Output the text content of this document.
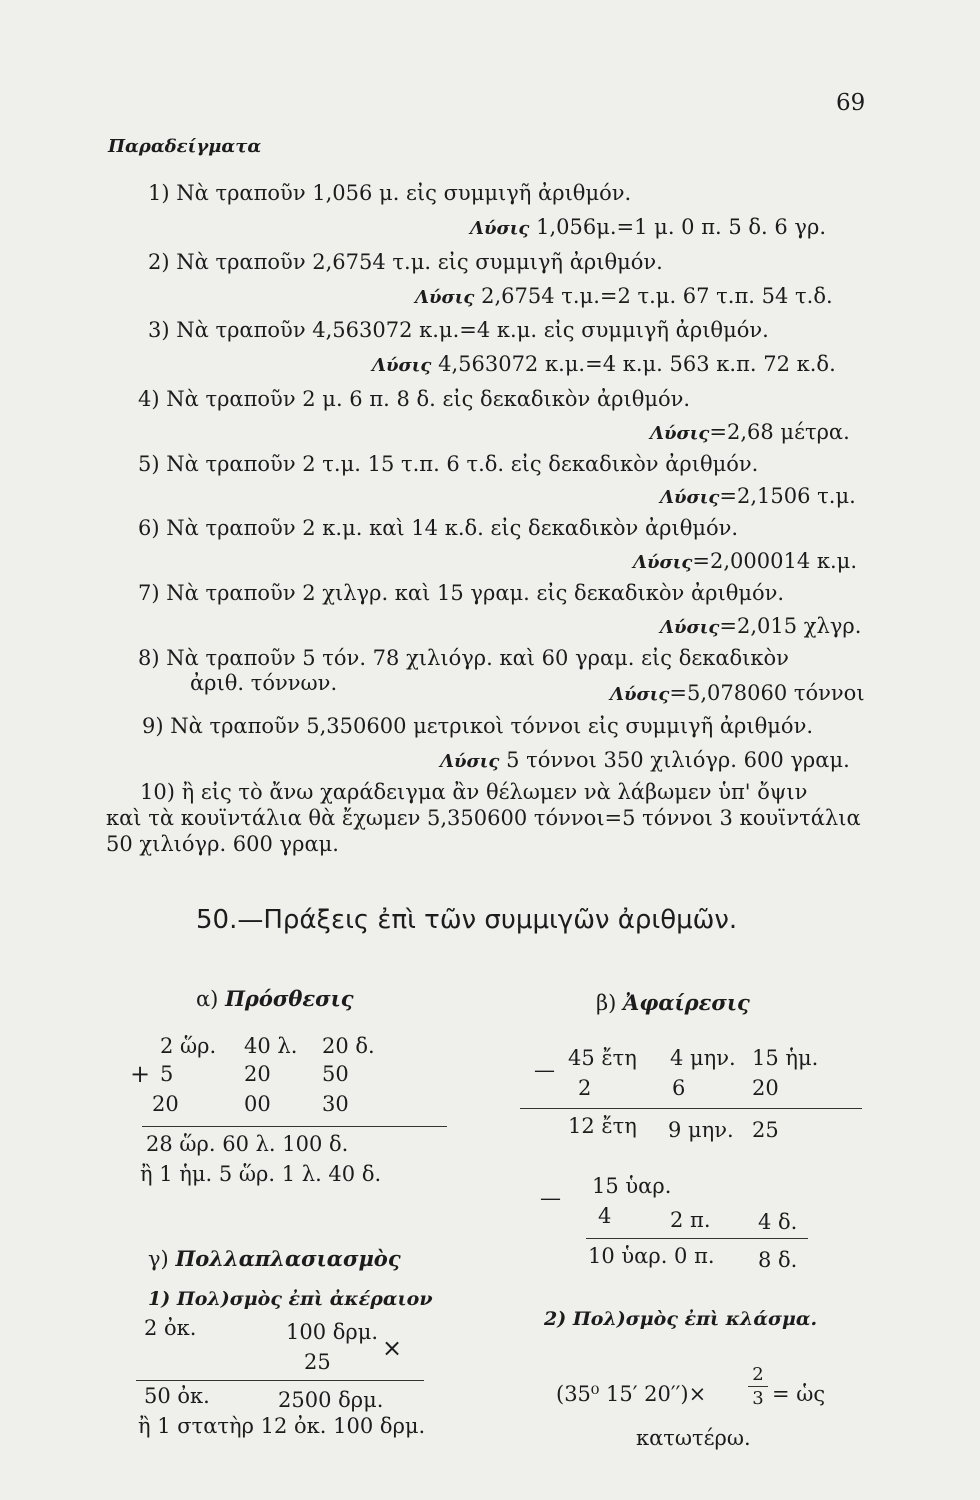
69
Παραδείγματα
1) Νὰ τραποῦν 1,056 μ. εἰς συμμιγῆ ἀριθμόν.
Λύσις 1,056μ.=1 μ. 0 π. 5 δ. 6 γρ.
2) Νὰ τραποῦν 2,6754 τ.μ. εἰς συμμιγῆ ἀριθμόν.
Λύσις 2,6754 τ.μ.=2 τ.μ. 67 τ.π. 54 τ.δ.
3) Νὰ τραποῦν 4,563072 κ.μ.=4 κ.μ. εἰς συμμιγῆ ἀριθμόν.
Λύσις 4,563072 κ.μ.=4 κ.μ. 563 κ.π. 72 κ.δ.
4) Νὰ τραποῦν 2 μ. 6 π. 8 δ. εἰς δεκαδικὸν ἀριθμόν.
Λύσις=2,68 μέτρα.
5) Νὰ τραποῦν 2 τ.μ. 15 τ.π. 6 τ.δ. εἰς δεκαδικὸν ἀριθμόν.
Λύσις=2,1506 τ.μ.
6) Νὰ τραποῦν 2 κ.μ. καὶ 14 κ.δ. εἰς δεκαδικὸν ἀριθμόν.
Λύσις=2,000014 κ.μ.
7) Νὰ τραποῦν 2 χιλγρ. καὶ 15 γραμ. εἰς δεκαδικὸν ἀριθμόν.
Λύσις=2,015 χλγρ.
8) Νὰ τραποῦν 5 τόν. 78 χιλιόγρ. καὶ 60 γραμ. εἰς δεκαδικὸν
ἀριθ. τόννων.	Λύσις=5,078060 τόννοι
9) Νὰ τραποῦν 5,350600 μετρικοὶ τόννοι εἰς συμμιγῆ ἀριθμόν.
Λύσις 5 τόννοι 350 χιλιόγρ. 600 γραμ.
10) ἢ εἰς τὸ ἄνω χαράδειγμα ἂν θέλωμεν νὰ λάβωμεν ὑπ' ὄψιν
καὶ τὰ κουϊντάλια θὰ ἔχωμεν 5,350600 τόννοι=5 τόννοι 3 κουϊντάλια
50 χιλιόγρ. 600 γραμ.
50.—Πράξεις ἐπὶ τῶν συμμιγῶν ἀριθμῶν.
α) Πρόσθεσις
2 ὥρ. 40 λ. 20 δ.
+ 5	20 50
20	00 30
28 ὥρ. 60 λ. 100 δ.
ἢ 1 ἡμ. 5 ὥρ. 1 λ. 40 δ.
β) Ἀφαίρεσις
— 45 ἔτη 4 μην. 15 ἡμ.
2	6	20
12 ἔτη 9 μην. 25
— 15 ὑαρ.
4	2 π. 4 δ.
10 ὑαρ. 0 π. 8 δ.
γ) Πολλαπλασιασμὸς
1) Πολ)σμὸς ἐπὶ ἀκέραιον
2 ὀκ.	100 δρμ.
25 ×
50 ὀκ.	2500 δρμ.
ἢ 1 στατὴρ 12 ὀκ. 100 δρμ.
2) Πολ)σμὸς ἐπὶ κλάσμα.
(35⁰ 15′ $20'')\times \frac{2}{3}$ = ὡς
κατωτέρω.
